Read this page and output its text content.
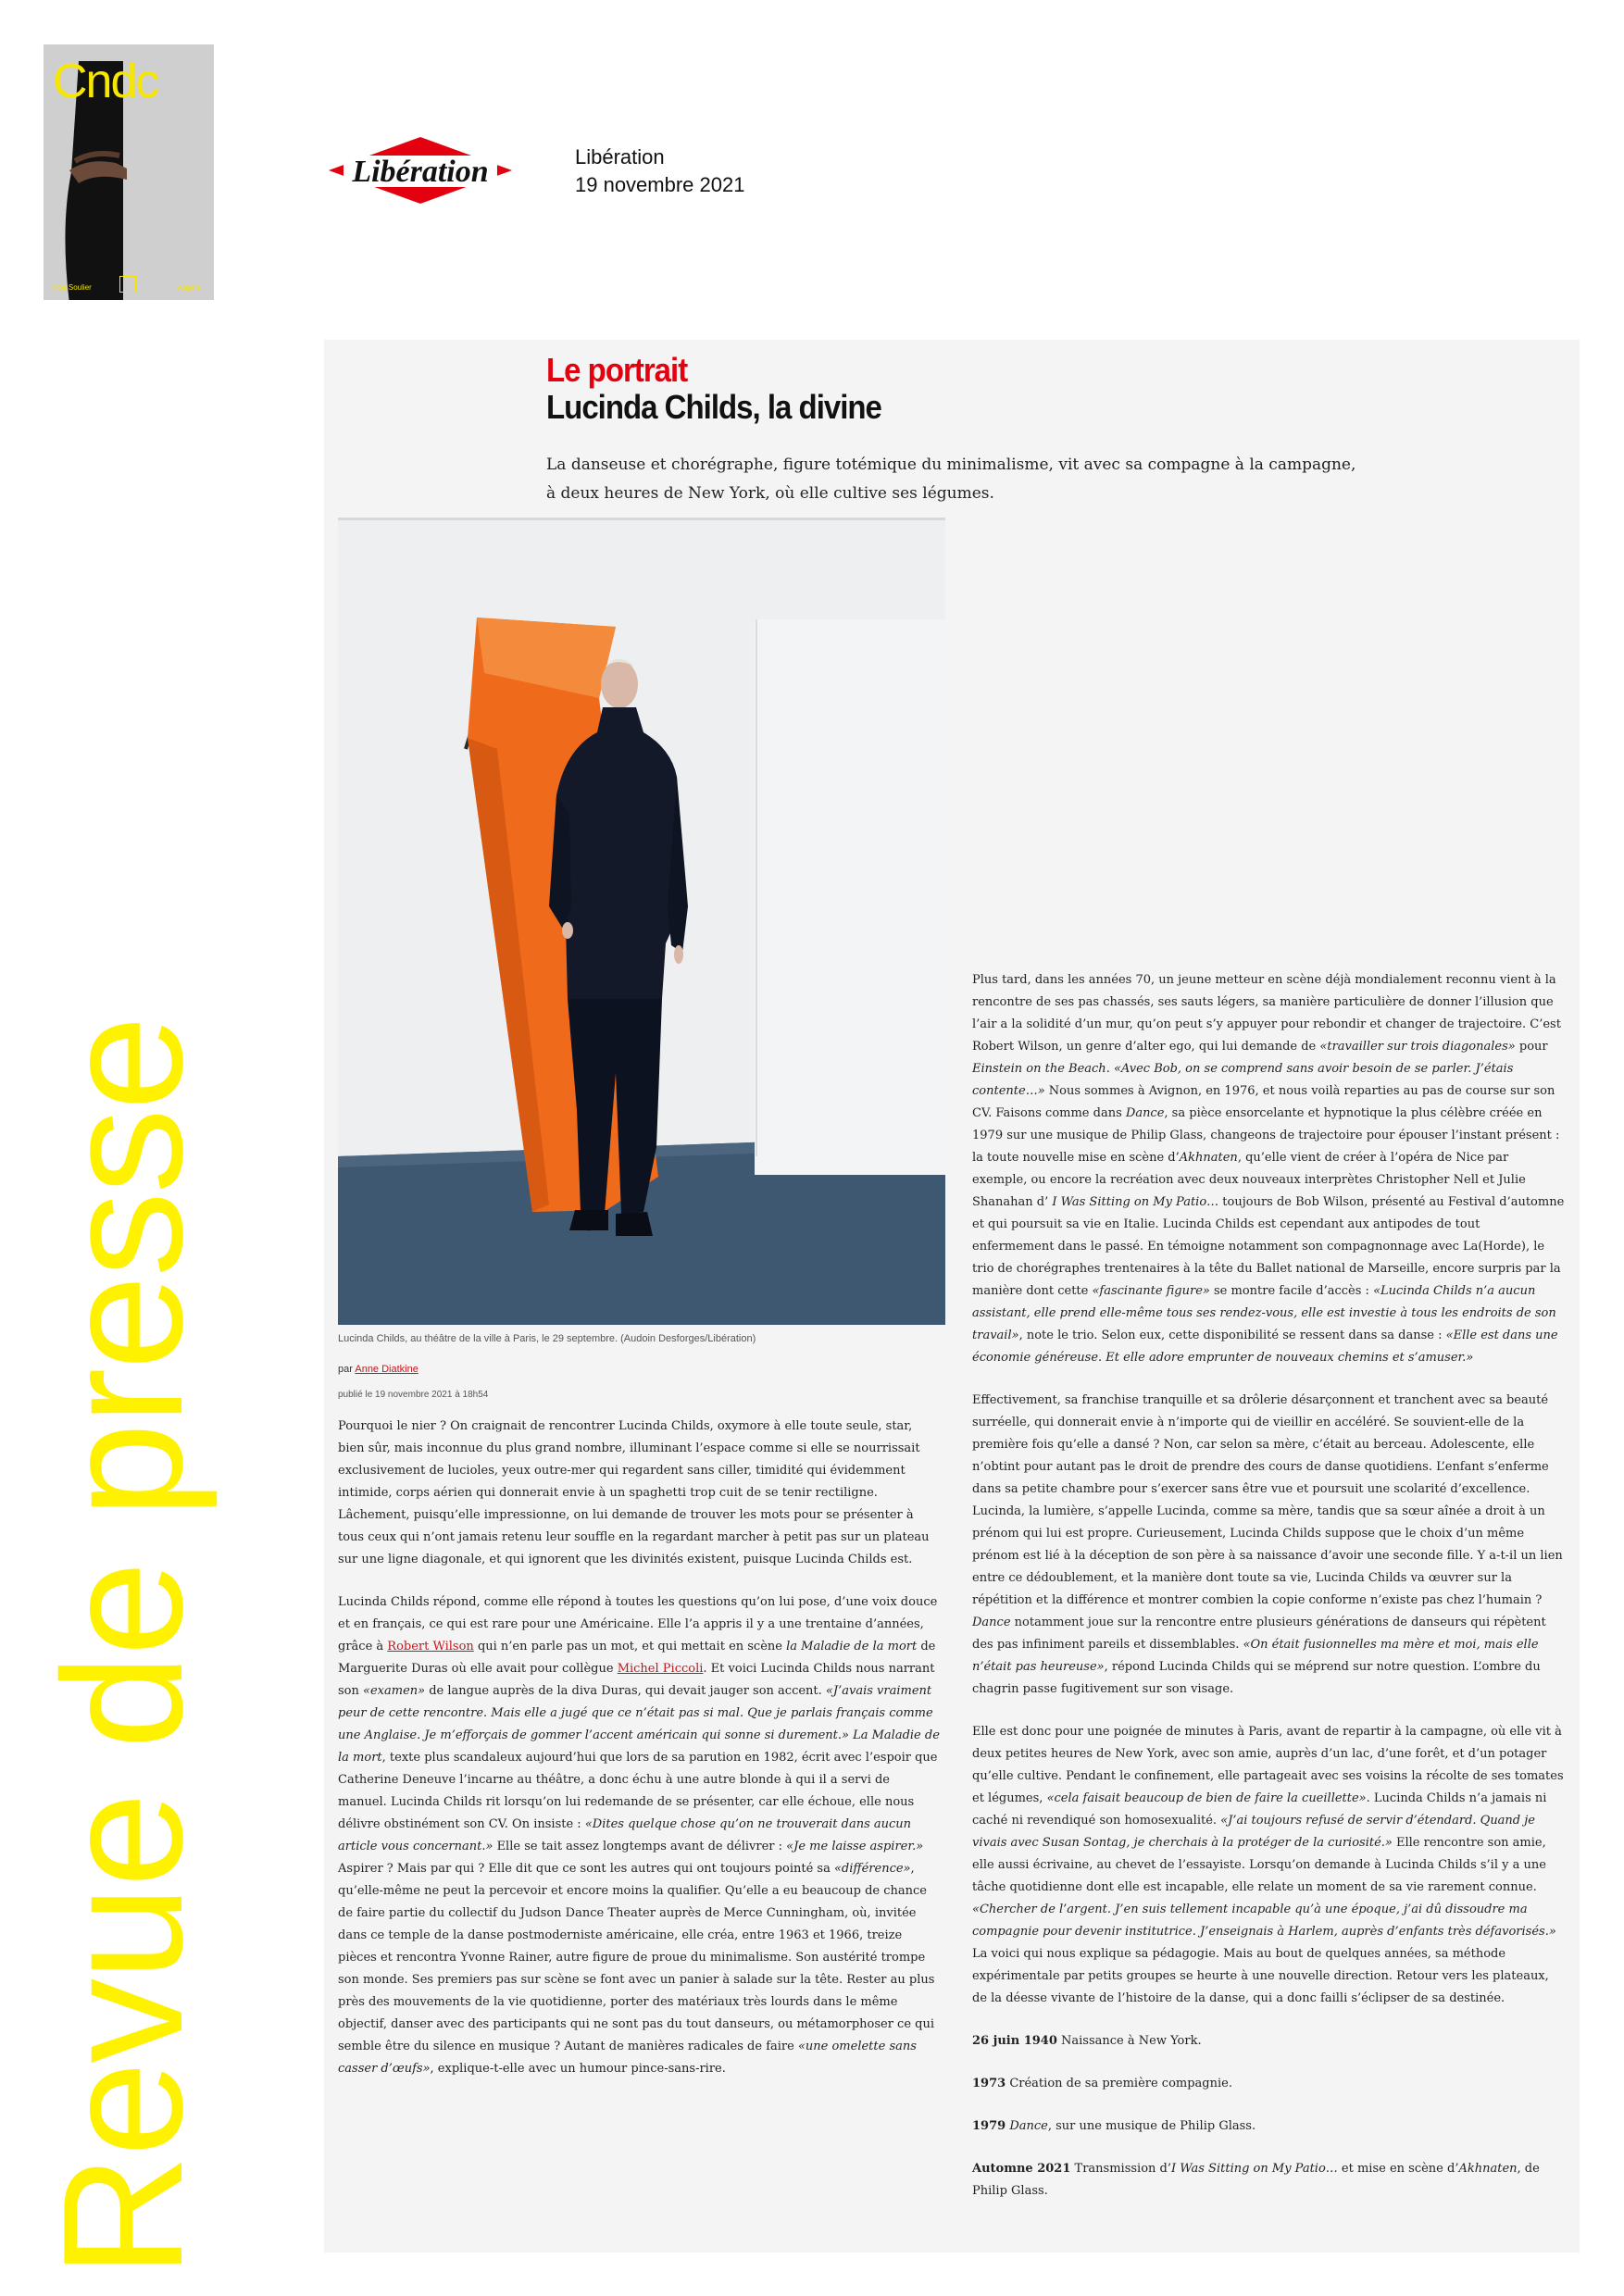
Cndc
Noé Soulier	Angers
Revue de presse
Libération	Libération
19 novembre 2021
Le portrait
Lucinda Childs, la divine
La danseuse et chorégraphe, figure totémique du minimalisme, vit avec sa compagne à la campagne, à deux heures de New York, où elle cultive ses légumes.
Lucinda Childs, au théâtre de la ville à Paris, le 29 septembre. (Audoin Desforges/Libération)
par Anne Diatkine
publié le 19 novembre 2021 à 18h54

Pourquoi le nier ? On craignait de rencontrer Lucinda Childs, oxymore à elle toute seule, star, bien sûr, mais inconnue du plus grand nombre, illuminant l’espace comme si elle se nourrissait exclusivement de lucioles, yeux outre-mer qui regardent sans ciller, timidité qui évidemment intimide, corps aérien qui donnerait envie à un spaghetti trop cuit de se tenir rectiligne. Lâchement, puisqu’elle impressionne, on lui demande de trouver les mots pour se présenter à tous ceux qui n’ont jamais retenu leur souffle en la regardant marcher à petit pas sur un plateau sur une ligne diagonale, et qui ignorent que les divinités existent, puisque Lucinda Childs est.

Lucinda Childs répond, comme elle répond à toutes les questions qu’on lui pose, d’une voix douce et en français, ce qui est rare pour une Américaine. Elle l’a appris il y a une trentaine d’années, grâce à Robert Wilson qui n’en parle pas un mot, et qui mettait en scène la Maladie de la mort de Marguerite Duras où elle avait pour collègue Michel Piccoli. Et voici Lucinda Childs nous narrant son «examen» de langue auprès de la diva Duras, qui devait jauger son accent. «J’avais vraiment peur de cette rencontre. Mais elle a jugé que ce n’était pas si mal. Que je parlais français comme une Anglaise. Je m’efforçais de gommer l’accent américain qui sonne si durement.» La Maladie de la mort, texte plus scandaleux aujourd’hui que lors de sa parution en 1982, écrit avec l’espoir que Catherine Deneuve l’incarne au théâtre, a donc échu à une autre blonde à qui il a servi de manuel. Lucinda Childs rit lorsqu’on lui redemande de se présenter, car elle échoue, elle nous délivre obstinément son CV. On insiste : «Dites quelque chose qu’on ne trouverait dans aucun article vous concernant.» Elle se tait assez longtemps avant de délivrer : «Je me laisse aspirer.» Aspirer ? Mais par qui ? Elle dit que ce sont les autres qui ont toujours pointé sa «différence», qu’elle-même ne peut la percevoir et encore moins la qualifier. Qu’elle a eu beaucoup de chance de faire partie du collectif du Judson Dance Theater auprès de Merce Cunningham, où, invitée dans ce temple de la danse postmoderniste américaine, elle créa, entre 1963 et 1966, treize pièces et rencontra Yvonne Rainer, autre figure de proue du minimalisme. Son austérité trompe son monde. Ses premiers pas sur scène se font avec un panier à salade sur la tête. Rester au plus près des mouvements de la vie quotidienne, porter des matériaux très lourds dans le même objectif, danser avec des participants qui ne sont pas du tout danseurs, ou métamorphoser ce qui semble être du silence en musique ? Autant de manières radicales de faire «une omelette sans casser d’œufs», explique-t-elle avec un humour pince-sans-rire.

Plus tard, dans les années 70, un jeune metteur en scène déjà mondialement reconnu vient à la rencontre de ses pas chassés, ses sauts légers, sa manière particulière de donner l’illusion que l’air a la solidité d’un mur, qu’on peut s’y appuyer pour rebondir et changer de trajectoire. C’est Robert Wilson, un genre d’alter ego, qui lui demande de «travailler sur trois diagonales» pour Einstein on the Beach. «Avec Bob, on se comprend sans avoir besoin de se parler. J’étais contente…» Nous sommes à Avignon, en 1976, et nous voilà reparties au pas de course sur son CV. Faisons comme dans Dance, sa pièce ensorcelante et hypnotique la plus célèbre créée en 1979 sur une musique de Philip Glass, changeons de trajectoire pour épouser l’instant présent : la toute nouvelle mise en scène d’Akhnaten, qu’elle vient de créer à l’opéra de Nice par exemple, ou encore la recréation avec deux nouveaux interprètes Christopher Nell et Julie Shanahan d’ I Was Sitting on My Patio… toujours de Bob Wilson, présenté au Festival d’automne et qui poursuit sa vie en Italie. Lucinda Childs est cependant aux antipodes de tout enfermement dans le passé. En témoigne notamment son compagnonnage avec La(Horde), le trio de chorégraphes trentenaires à la tête du Ballet national de Marseille, encore surpris par la manière dont cette «fascinante figure» se montre facile d’accès : «Lucinda Childs n’a aucun assistant, elle prend elle-même tous ses rendez-vous, elle est investie à tous les endroits de son travail», note le trio. Selon eux, cette disponibilité se ressent dans sa danse : «Elle est dans une économie généreuse. Et elle adore emprunter de nouveaux chemins et s’amuser.»

Effectivement, sa franchise tranquille et sa drôlerie désarçonnent et tranchent avec sa beauté surréelle, qui donnerait envie à n’importe qui de vieillir en accéléré. Se souvient-elle de la première fois qu’elle a dansé ? Non, car selon sa mère, c’était au berceau. Adolescente, elle n’obtint pour autant pas le droit de prendre des cours de danse quotidiens. L’enfant s’enferme dans sa petite chambre pour s’exercer sans être vue et poursuit une scolarité d’excellence. Lucinda, la lumière, s’appelle Lucinda, comme sa mère, tandis que sa sœur aînée a droit à un prénom qui lui est propre. Curieusement, Lucinda Childs suppose que le choix d’un même prénom est lié à la déception de son père à sa naissance d’avoir une seconde fille. Y a-t-il un lien entre ce dédoublement, et la manière dont toute sa vie, Lucinda Childs va œuvrer sur la répétition et la différence et montrer combien la copie conforme n’existe pas chez l’humain ? Dance notamment joue sur la rencontre entre plusieurs générations de danseurs qui répètent des pas infiniment pareils et dissemblables. «On était fusionnelles ma mère et moi, mais elle n’était pas heureuse», répond Lucinda Childs qui se méprend sur notre question. L’ombre du chagrin passe fugitivement sur son visage.

Elle est donc pour une poignée de minutes à Paris, avant de repartir à la campagne, où elle vit à deux petites heures de New York, avec son amie, auprès d’un lac, d’une forêt, et d’un potager qu’elle cultive. Pendant le confinement, elle partageait avec ses voisins la récolte de ses tomates et légumes, «cela faisait beaucoup de bien de faire la cueillette». Lucinda Childs n’a jamais ni caché ni revendiqué son homosexualité. «J’ai toujours refusé de servir d’étendard. Quand je vivais avec Susan Sontag, je cherchais à la protéger de la curiosité.» Elle rencontre son amie, elle aussi écrivaine, au chevet de l’essayiste. Lorsqu’on demande à Lucinda Childs s’il y a une tâche quotidienne dont elle est incapable, elle relate un moment de sa vie rarement connue. «Chercher de l’argent. J’en suis tellement incapable qu’à une époque, j’ai dû dissoudre ma compagnie pour devenir institutrice. J’enseignais à Harlem, auprès d’enfants très défavorisés.» La voici qui nous explique sa pédagogie. Mais au bout de quelques années, sa méthode expérimentale par petits groupes se heurte à une nouvelle direction. Retour vers les plateaux, de la déesse vivante de l’histoire de la danse, qui a donc failli s’éclipser de sa destinée.

26 juin 1940 Naissance à New York.

1973 Création de sa première compagnie.

1979 Dance, sur une musique de Philip Glass.

Automne 2021 Transmission d’I Was Sitting on My Patio… et mise en scène d’Akhnaten, de Philip Glass.
